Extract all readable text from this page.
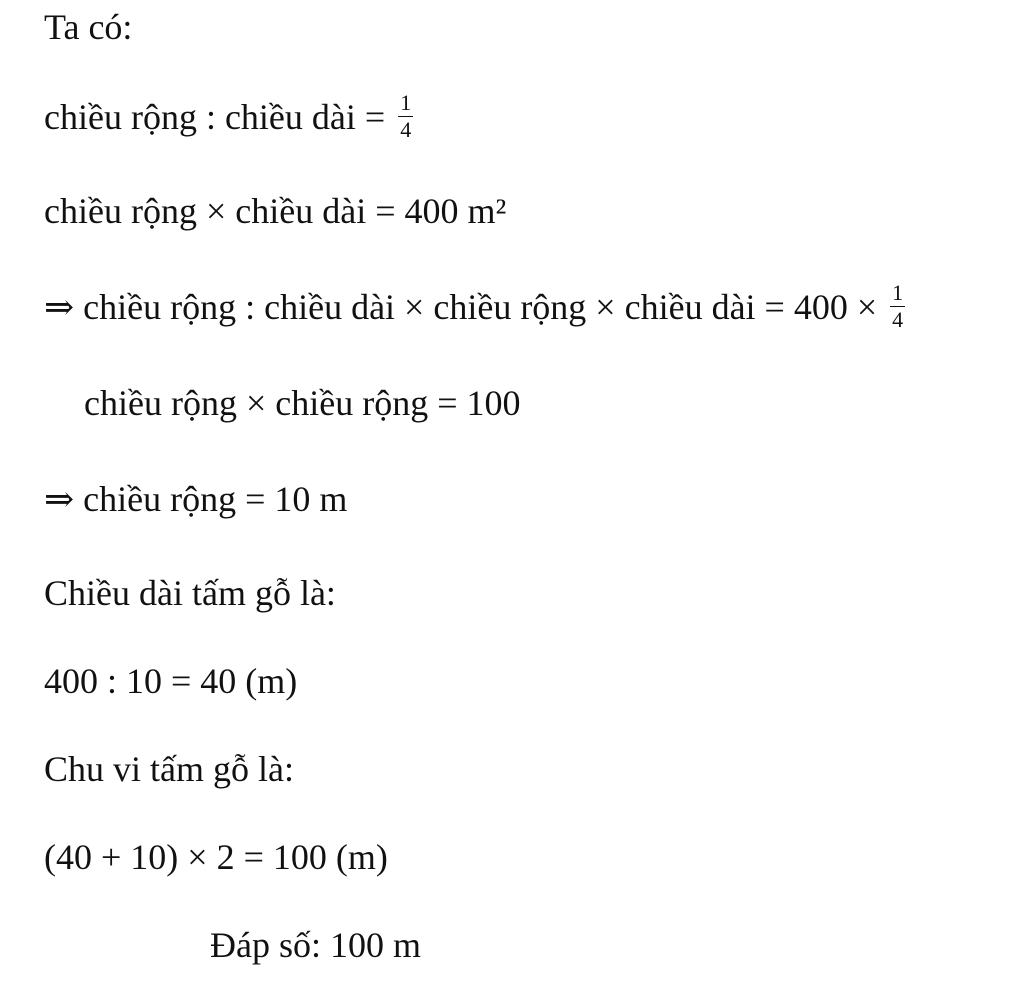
Ta có:
chiều rộng : chiều dài = $\frac{1}{4}$
chiều rộng × chiều dài = 400 m²
⇒ chiều rộng : chiều dài × chiều rộng × chiều dài = $400 \times \frac{1}{4}$
chiều rộng × chiều rộng = 100
⇒ chiều rộng = 10 m
Chiều dài tấm gỗ là:
400 : 10 = 40 (m)
Chu vi tấm gỗ là:
(40 + 10) × 2 = 100 (m)
Đáp số: 100 m
